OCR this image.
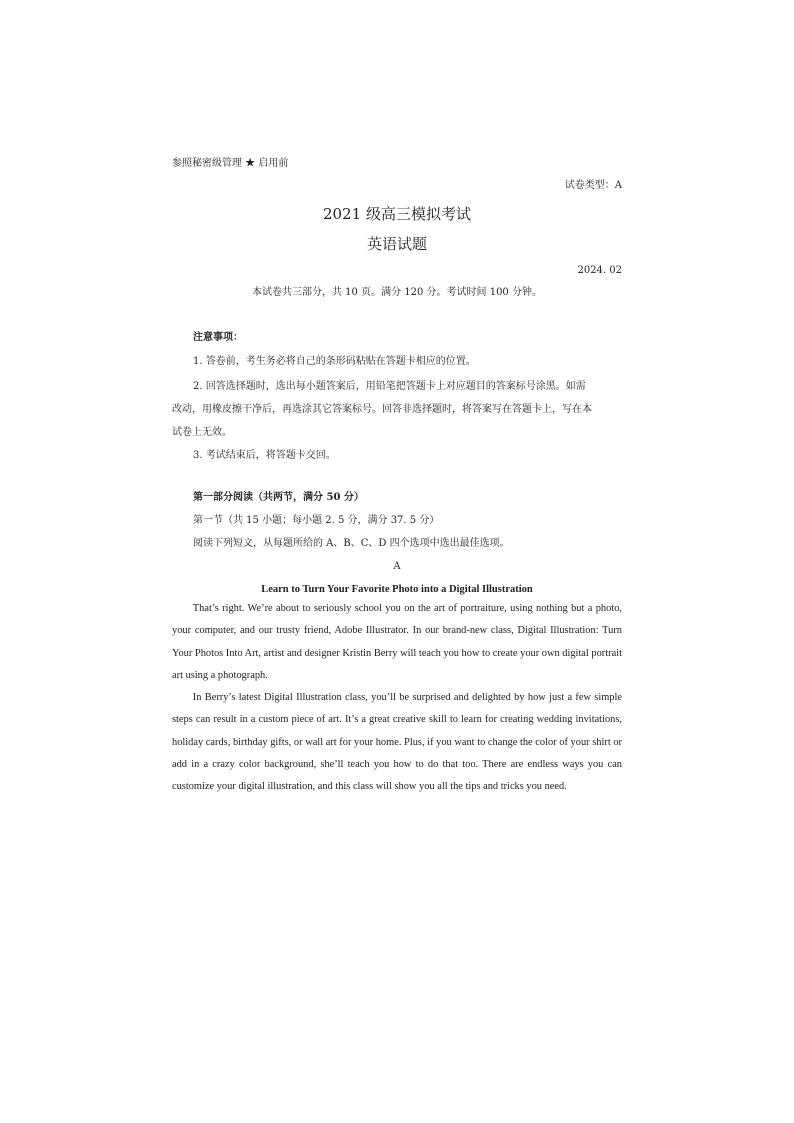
参照秘密级管理 ★ 启用前
试卷类型：A
2021 级高三模拟考试
英语试题
2024. 02
本试卷共三部分，共 10 页。满分 120 分。考试时间 100 分钟。
注意事项：
1. 答卷前，考生务必将自己的条形码粘贴在答题卡相应的位置。
2. 回答选择题时，选出每小题答案后，用铅笔把答题卡上对应题目的答案标号涂黑。如需
改动，用橡皮擦干净后，再选涂其它答案标号。回答非选择题时，将答案写在答题卡上，写在本
试卷上无效。
3. 考试结束后，将答题卡交回。
第一部分阅读（共两节，满分 50 分）
第一节（共 15 小题；每小题 2. 5 分，满分 37. 5 分）
阅读下列短文，从每题所给的 A、B、C、D 四个选项中选出最佳选项。
A
Learn to Turn Your Favorite Photo into a Digital Illustration

That’s right. We’re about to seriously school you on the art of portraiture, using nothing but a photo, your computer, and our trusty friend, Adobe Illustrator. In our brand-new class, Digital Illustration: Turn Your Photos Into Art, artist and designer Kristin Berry will teach you how to create your own digital portrait art using a photograph.

In Berry’s latest Digital Illustration class, you’ll be surprised and delighted by how just a few simple steps can result in a custom piece of art. It’s a great creative skill to learn for creating wedding invitations, holiday cards, birthday gifts, or wall art for your home. Plus, if you want to change the color of your shirt or add in a crazy color background, she’ll teach you how to do that too. There are endless ways you can customize your digital illustration, and this class will show you all the tips and tricks you need.
